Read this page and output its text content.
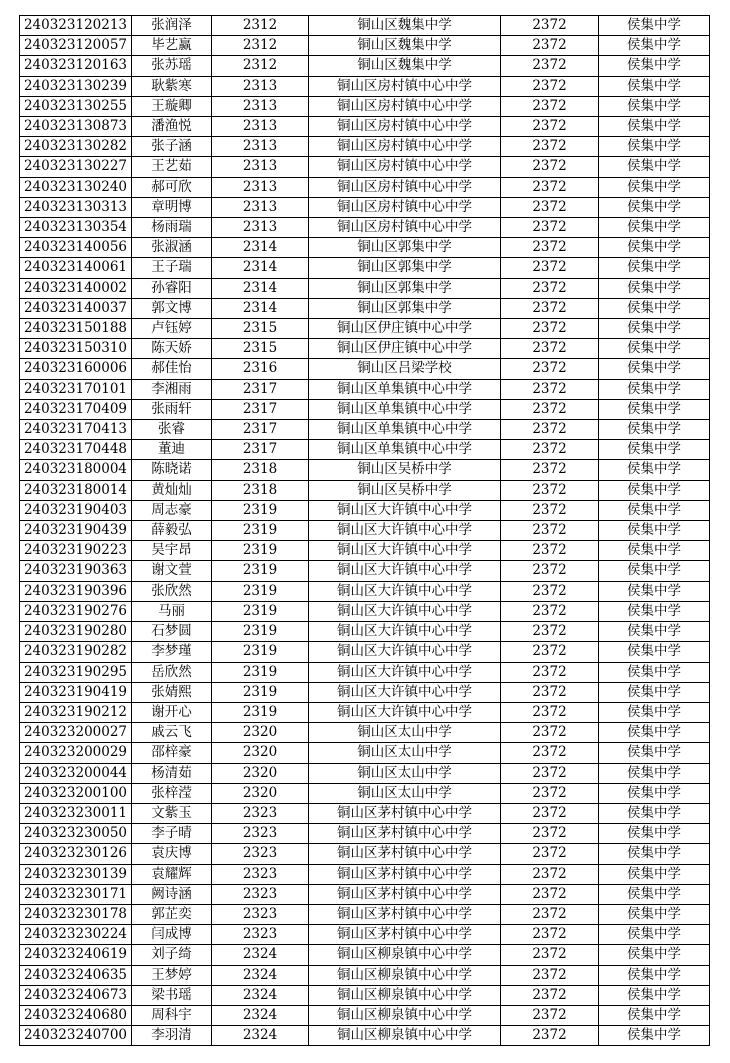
240323120213	张润泽	2312	铜山区魏集中学	2372	侯集中学
240323120057	毕艺赢	2312	铜山区魏集中学	2372	侯集中学
240323120163	张苏瑶	2312	铜山区魏集中学	2372	侯集中学
240323130239	耿紫寒	2313	铜山区房村镇中心中学	2372	侯集中学
240323130255	王璇卿	2313	铜山区房村镇中心中学	2372	侯集中学
240323130873	潘渔悦	2313	铜山区房村镇中心中学	2372	侯集中学
240323130282	张子涵	2313	铜山区房村镇中心中学	2372	侯集中学
240323130227	王艺茹	2313	铜山区房村镇中心中学	2372	侯集中学
240323130240	郝可欣	2313	铜山区房村镇中心中学	2372	侯集中学
240323130313	章明博	2313	铜山区房村镇中心中学	2372	侯集中学
240323130354	杨雨瑞	2313	铜山区房村镇中心中学	2372	侯集中学
240323140056	张淑涵	2314	铜山区郭集中学	2372	侯集中学
240323140061	王子瑞	2314	铜山区郭集中学	2372	侯集中学
240323140002	孙睿阳	2314	铜山区郭集中学	2372	侯集中学
240323140037	郭文博	2314	铜山区郭集中学	2372	侯集中学
240323150188	卢钰婷	2315	铜山区伊庄镇中心中学	2372	侯集中学
240323150310	陈天娇	2315	铜山区伊庄镇中心中学	2372	侯集中学
240323160006	郝佳怡	2316	铜山区吕梁学校	2372	侯集中学
240323170101	李湘雨	2317	铜山区单集镇中心中学	2372	侯集中学
240323170409	张雨轩	2317	铜山区单集镇中心中学	2372	侯集中学
240323170413	张睿	2317	铜山区单集镇中心中学	2372	侯集中学
240323170448	董迪	2317	铜山区单集镇中心中学	2372	侯集中学
240323180004	陈晓诺	2318	铜山区吴桥中学	2372	侯集中学
240323180014	黄灿灿	2318	铜山区吴桥中学	2372	侯集中学
240323190403	周志豪	2319	铜山区大许镇中心中学	2372	侯集中学
240323190439	薛毅弘	2319	铜山区大许镇中心中学	2372	侯集中学
240323190223	吴宇昂	2319	铜山区大许镇中心中学	2372	侯集中学
240323190363	谢文萱	2319	铜山区大许镇中心中学	2372	侯集中学
240323190396	张欣然	2319	铜山区大许镇中心中学	2372	侯集中学
240323190276	马丽	2319	铜山区大许镇中心中学	2372	侯集中学
240323190280	石梦圆	2319	铜山区大许镇中心中学	2372	侯集中学
240323190282	李梦瑾	2319	铜山区大许镇中心中学	2372	侯集中学
240323190295	岳欣然	2319	铜山区大许镇中心中学	2372	侯集中学
240323190419	张婧熙	2319	铜山区大许镇中心中学	2372	侯集中学
240323190212	谢开心	2319	铜山区大许镇中心中学	2372	侯集中学
240323200027	戚云飞	2320	铜山区太山中学	2372	侯集中学
240323200029	邵梓豪	2320	铜山区太山中学	2372	侯集中学
240323200044	杨清茹	2320	铜山区太山中学	2372	侯集中学
240323200100	张梓滢	2320	铜山区太山中学	2372	侯集中学
240323230011	文紫玉	2323	铜山区茅村镇中心中学	2372	侯集中学
240323230050	李子晴	2323	铜山区茅村镇中心中学	2372	侯集中学
240323230126	袁庆博	2323	铜山区茅村镇中心中学	2372	侯集中学
240323230139	袁耀辉	2323	铜山区茅村镇中心中学	2372	侯集中学
240323230171	阙诗涵	2323	铜山区茅村镇中心中学	2372	侯集中学
240323230178	郭芷奕	2323	铜山区茅村镇中心中学	2372	侯集中学
240323230224	闫成博	2323	铜山区茅村镇中心中学	2372	侯集中学
240323240619	刘子绮	2324	铜山区柳泉镇中心中学	2372	侯集中学
240323240635	王梦婷	2324	铜山区柳泉镇中心中学	2372	侯集中学
240323240673	梁书瑶	2324	铜山区柳泉镇中心中学	2372	侯集中学
240323240680	周科宇	2324	铜山区柳泉镇中心中学	2372	侯集中学
240323240700	李羽清	2324	铜山区柳泉镇中心中学	2372	侯集中学
